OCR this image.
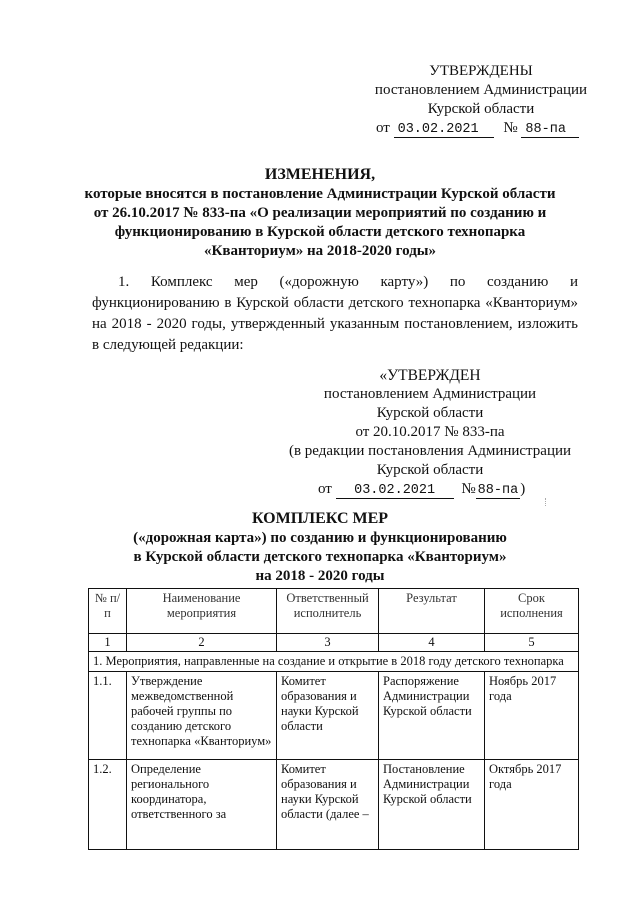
УТВЕРЖДЕНЫ
постановлением Администрации
Курской области
от 03.02.2021 № 88-па
ИЗМЕНЕНИЯ,
которые вносятся в постановление Администрации Курской области
от 26.10.2017 № 833-па «О реализации мероприятий по созданию и
функционированию в Курской области детского технопарка
«Кванториум» на 2018-2020 годы»
1. Комплекс мер («дорожную карту») по созданию и функционированию в Курской области детского технопарка «Кванториум» на 2018 - 2020 годы, утвержденный указанным постановлением, изложить в следующей редакции:
«УТВЕРЖДЕН
постановлением Администрации
Курской области
от 20.10.2017 № 833-па
(в редакции постановления Администрации
Курской области
от 03.02.2021 № 88-па )
КОМПЛЕКС МЕР
(«дорожная карта») по созданию и функционированию
в Курской области детского технопарка «Кванториум»
на 2018 - 2020 годы
№ п/п	Наименование мероприятия	Ответственный исполнитель	Результат	Срок исполнения
1	2	3	4	5
1. Мероприятия, направленные на создание и открытие в 2018 году детского технопарка				
1.1.	Утверждение межведомственной рабочей группы по созданию детского технопарка «Кванториум»	Комитет образования и науки Курской области	Распоряжение Администрации Курской области	Ноябрь 2017 года
1.2.	Определение регионального координатора, ответственного за	Комитет образования и науки Курской области (далее –	Постановление Администрации Курской области	Октябрь 2017 года
